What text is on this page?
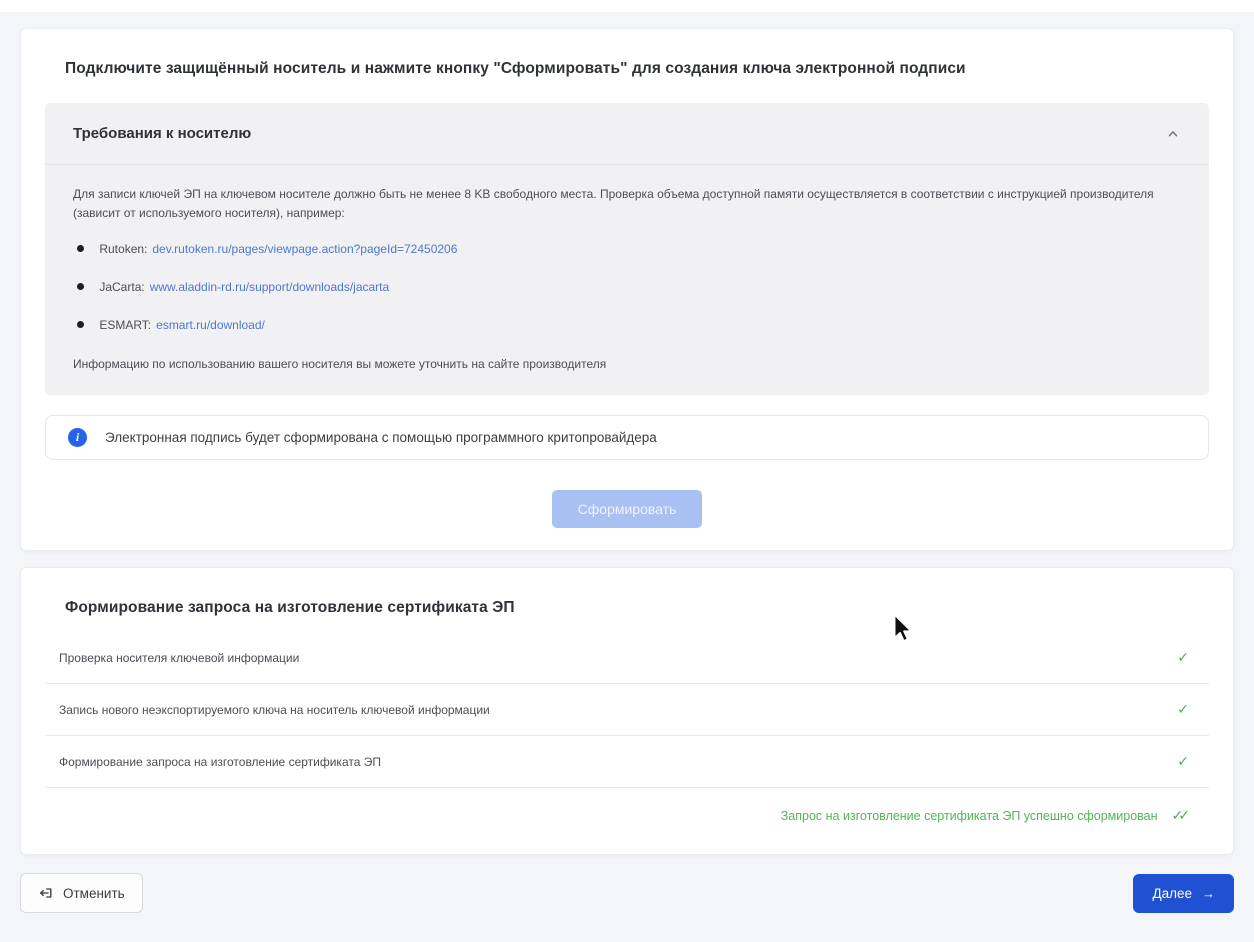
Подключите защищённый носитель и нажмите кнопку "Сформировать" для создания ключа электронной подписи
Требования к носителю

Для записи ключей ЭП на ключевом носителе должно быть не менее 8 KB свободного места. Проверка объема доступной памяти осуществляется в соответствии с инструкцией производителя (зависит от используемого носителя), например:

Rutoken: dev.rutoken.ru/pages/viewpage.action?pageId=72450206
JaCarta: www.aladdin-rd.ru/support/downloads/jacarta
ESMART: esmart.ru/download/

Информацию по использованию вашего носителя вы можете уточнить на сайте производителя

i	Электронная подпись будет сформирована с помощью программного критопровайдера
Сформировать
Формирование запроса на изготовление сертификата ЭП
Проверка носителя ключевой информации	✓
Запись нового неэкспортируемого ключа на носитель ключевой информации	✓
Формирование запроса на изготовление сертификата ЭП	✓
Запрос на изготовление сертификата ЭП успешно сформирован ✓✓
Отменить	Далее →
